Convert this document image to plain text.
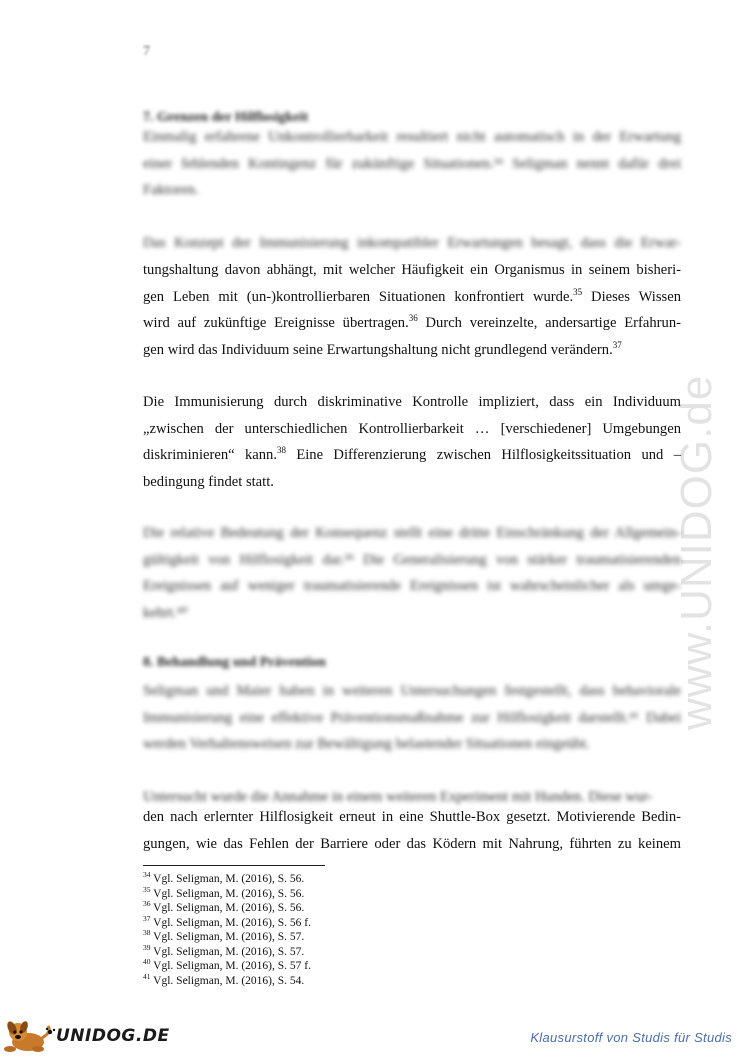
www.UNIDOG.de
7
7. Grenzen der Hilflosigkeit
Einmalig erfahrene Unkontrollierbarkeit resultiert nicht automatisch in der Erwartung
einer fehlenden Kontingenz für zukünftige Situationen.³⁴ Seligman nennt dafür drei
Faktoren.
Das Konzept der Immunisierung inkompatibler Erwartungen besagt, dass die Erwar-
tungshaltung davon abhängt, mit welcher Häufigkeit ein Organismus in seinem bisheri-
gen Leben mit (un-)kontrollierbaren Situationen konfrontiert wurde.$^{35}$ Dieses Wissen
wird auf zukünftige Ereignisse übertragen.$^{36}$ Durch vereinzelte, andersartige Erfahrun-
gen wird das Individuum seine Erwartungshaltung nicht grundlegend verändern.$^{37}$
Die Immunisierung durch diskriminative Kontrolle impliziert, dass ein Individuum
„zwischen der unterschiedlichen Kontrollierbarkeit … [verschiedener] Umgebungen
diskriminieren“ kann.$^{38}$ Eine Differenzierung zwischen Hilflosigkeitssituation und –
bedingung findet statt.
Die relative Bedeutung der Konsequenz stellt eine dritte Einschränkung der Allgemein-
gültigkeit von Hilflosigkeit dar.³⁹ Die Generalisierung von stärker traumatisierenden
Ereignissen auf weniger traumatisierende Ereignissen ist wahrscheinlicher als umge-
kehrt.⁴⁰
8. Behandlung und Prävention
Seligman und Maier haben in weiteren Untersuchungen festgestellt, dass behaviorale
Immunisierung eine effektive Präventionsmaßnahme zur Hilflosigkeit darstellt.⁴¹ Dabei
werden Verhaltensweisen zur Bewältigung belastender Situationen eingeübt.
Untersucht wurde die Annahme in einem weiteren Experiment mit Hunden. Diese wur-
den nach erlernter Hilflosigkeit erneut in eine Shuttle-Box gesetzt. Motivierende Bedin-
gungen, wie das Fehlen der Barriere oder das Ködern mit Nahrung, führten zu keinem
$^{34}$ Vgl. Seligman, M. (2016), S. 56.
$^{35}$ Vgl. Seligman, M. (2016), S. 56.
$^{36}$ Vgl. Seligman, M. (2016), S. 56.
$^{37}$ Vgl. Seligman, M. (2016), S. 56 f.
$^{38}$ Vgl. Seligman, M. (2016), S. 57.
$^{39}$ Vgl. Seligman, M. (2016), S. 57.
$^{40}$ Vgl. Seligman, M. (2016), S. 57 f.
$^{41}$ Vgl. Seligman, M. (2016), S. 54.
UNIDOG.DE	Klausurstoff von Studis für Studis
